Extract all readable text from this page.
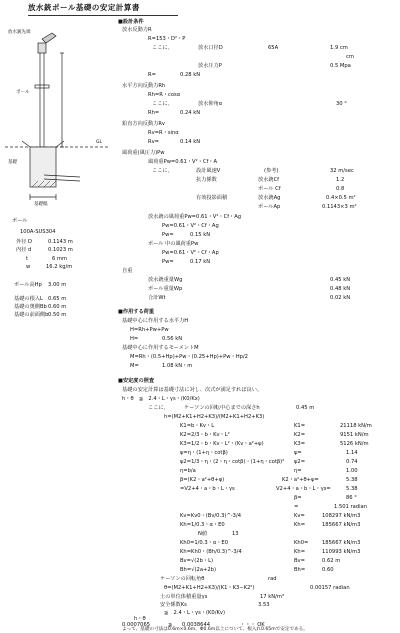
放水銃ポール基礎の安定計算書
放水銃先端
ポール
GL
基礎
基礎幅
ポール
100A-SUS304
外径 D	0.1143 m
内径 d	0.1023 m
t	6 mm
w	16.2 kg/m
ポール高Hp 3.00 m
基礎の根入L 0.65 m
基礎の奥側Bb 0.60 m
基礎の前面側b 0.50 m
■設計条件
放水反動力R
R=153・D²・P
ここに、	放水口径D	65A	1.9 cm
cm
放水圧力P	0.5 Mpa
R=	0.28 kN
水平方向反動力Rh
Rh=R・cosα
ここに、	放水仰角α	30 °
Rh=	0.24 kN
鉛直方向反動力Rv
Rv=R・sinα
Rv=	0.14 kN
風荷重(風圧力)Pw
風荷重Pw=0.61・V²・Cf・A
ここに、	設計風速V	(参考)	32 m/sec
抗力係数	放水銃Cf	1.2
ポール Cf	0.8
有効投影面積	放水銃Ag	0.4×0.5 m²
ポールAp	0.1143×3 m²
放水銃の風荷重Pw=0.61・V²・Cf・Ag
Pw=0.61・V²・Cf・Ag
Pw=	0.15 kN
ポール 中の風荷重Pw
Pw=0.61・V²・Cf・Ap
Pw=	0.17 kN
自重
放水銃重量Wg	0.45 kN
ポール重量Wp	0.48 kN
合計Wt	0.02 kN
■作用する荷重
基礎中心に作用する水平力H
H=Rh+Pw+Pw
H=	0.56 kN
基礎中心に作用するモーメントM
M=Rh・(0.5+Hp)+Pw・(0.25+Hp)+Pw・Hp/2
M=	1.08 kN・m
■安定度の照査
基礎の安定計算は基礎寸法に対し、次式が満足すれば良い。
h・θ　≦　2.4・L・γs・(K0/Kx)
ここに、	ケーソンの回転中心までの深さh	0.45 m
h=(M2+K1+H2+K3)/(M2+K1+H2+K3)
K1=b・Kv・L	K1=	21118 kN/m
K2=2/3・b・Kv・L²	K2=	9151 kN/m
K3=1/2・b・Kv・L²・(Kv・a²+ψ)	K3=	5126 kN/m
ψ=η・(1+η・cotβ)	ψ=	1.14
ψ2=1/3・η・(2・η・cotβ)・(1+η・cotβ)² ψ2=	0.74
η=b/a	η=	1.00
β=(K2・a²+θ+ψ)	K2・a²+θ+ψ=	5.38
=V2+4・a・b・L・γs	V2+4・a・b・L・γs=	5.38
β=	86 °
=	1.501 radian
Kv=Kv0・(Bv/0.3)^-3/4	Kv=	108297 kN/m3
Kh=1/0.3・α・E0	Kh=	185667 kN/m3
N値	13
Kh0=1/0.3・α・E0	Kh0=	185667 kN/m3
Kh=Kh0・(Bh/0.3)^-3/4	Kh=	110993 kN/m3
Bv=√(2b・L)	Bv=	0.62 m
Bh=√(2a+2b)	Bh=	0.60
ケーソンの回転角θ	rad
θ=(M2+K1+H2+K3)/(K1・K3−K2²)	0.00157 radian
土の単位体積重量γs	17 kN/m³
安全係数Ks	3.53
≦　2.4・L・γs・(K0/Kv)
h・θ
0.0007065	≦ 0.0038644	・・・ OK
よって、基礎の寸法は0.6m×0.6m、Φ0.6m以上について、根入れ0.65mで安定である。
